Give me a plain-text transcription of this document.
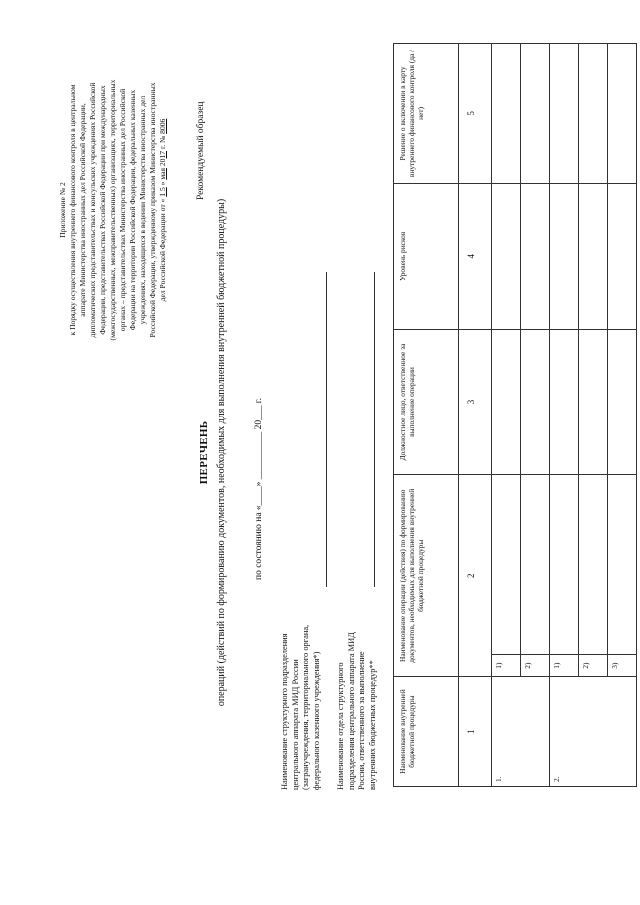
Приложение № 2 к Порядку осуществления внутреннего финансового контроля в центральном аппарате Министерства иностранных дел Российской Федерации, дипломатических представительствах и консульских учреждениях Российской Федерации, представительствах Российской Федерации при международных (межгосударственных, межправительственных) организациях, территориальных органах – представительствах Министерства иностранных дел Российской Федерации на территории Российской Федерации, федеральных казенных учреждениях, находящихся в ведении Министерства иностранных дел Российской Федерации, утвержденному приказом Министерства иностранных дел Российской Федерации от « 1 5 » мая 2017 г. № 8006	Рекомендуемый образец
ПЕРЕЧЕНЬ операций (действий по формированию документов, необходимых для выполнения внутренней бюджетной процедуры)	по состоянию на «____» __________ 20___ г.
Наименование структурного подразделения центрального аппарата МИД России (загранучреждения, территориального органа, федерального казенного учреждения*) Наименование отдела структурного подразделения центрального аппарата МИД России, ответственного за выполнение внутренних бюджетных процедур**	Наименование внутренней бюджетной процедуры	Наименование операции (действия) по формированию документов, необходимых для выполнения внутренней бюджетной процедуры		Должностное лицо, ответственное за выполнение операции	Уровень рисков	Решение о включении в карту внутреннего финансового контроля (да / нет)
1	2		3	4	5
1.	1)				
	2)				
2.	1)				
	2)				
	3)				
